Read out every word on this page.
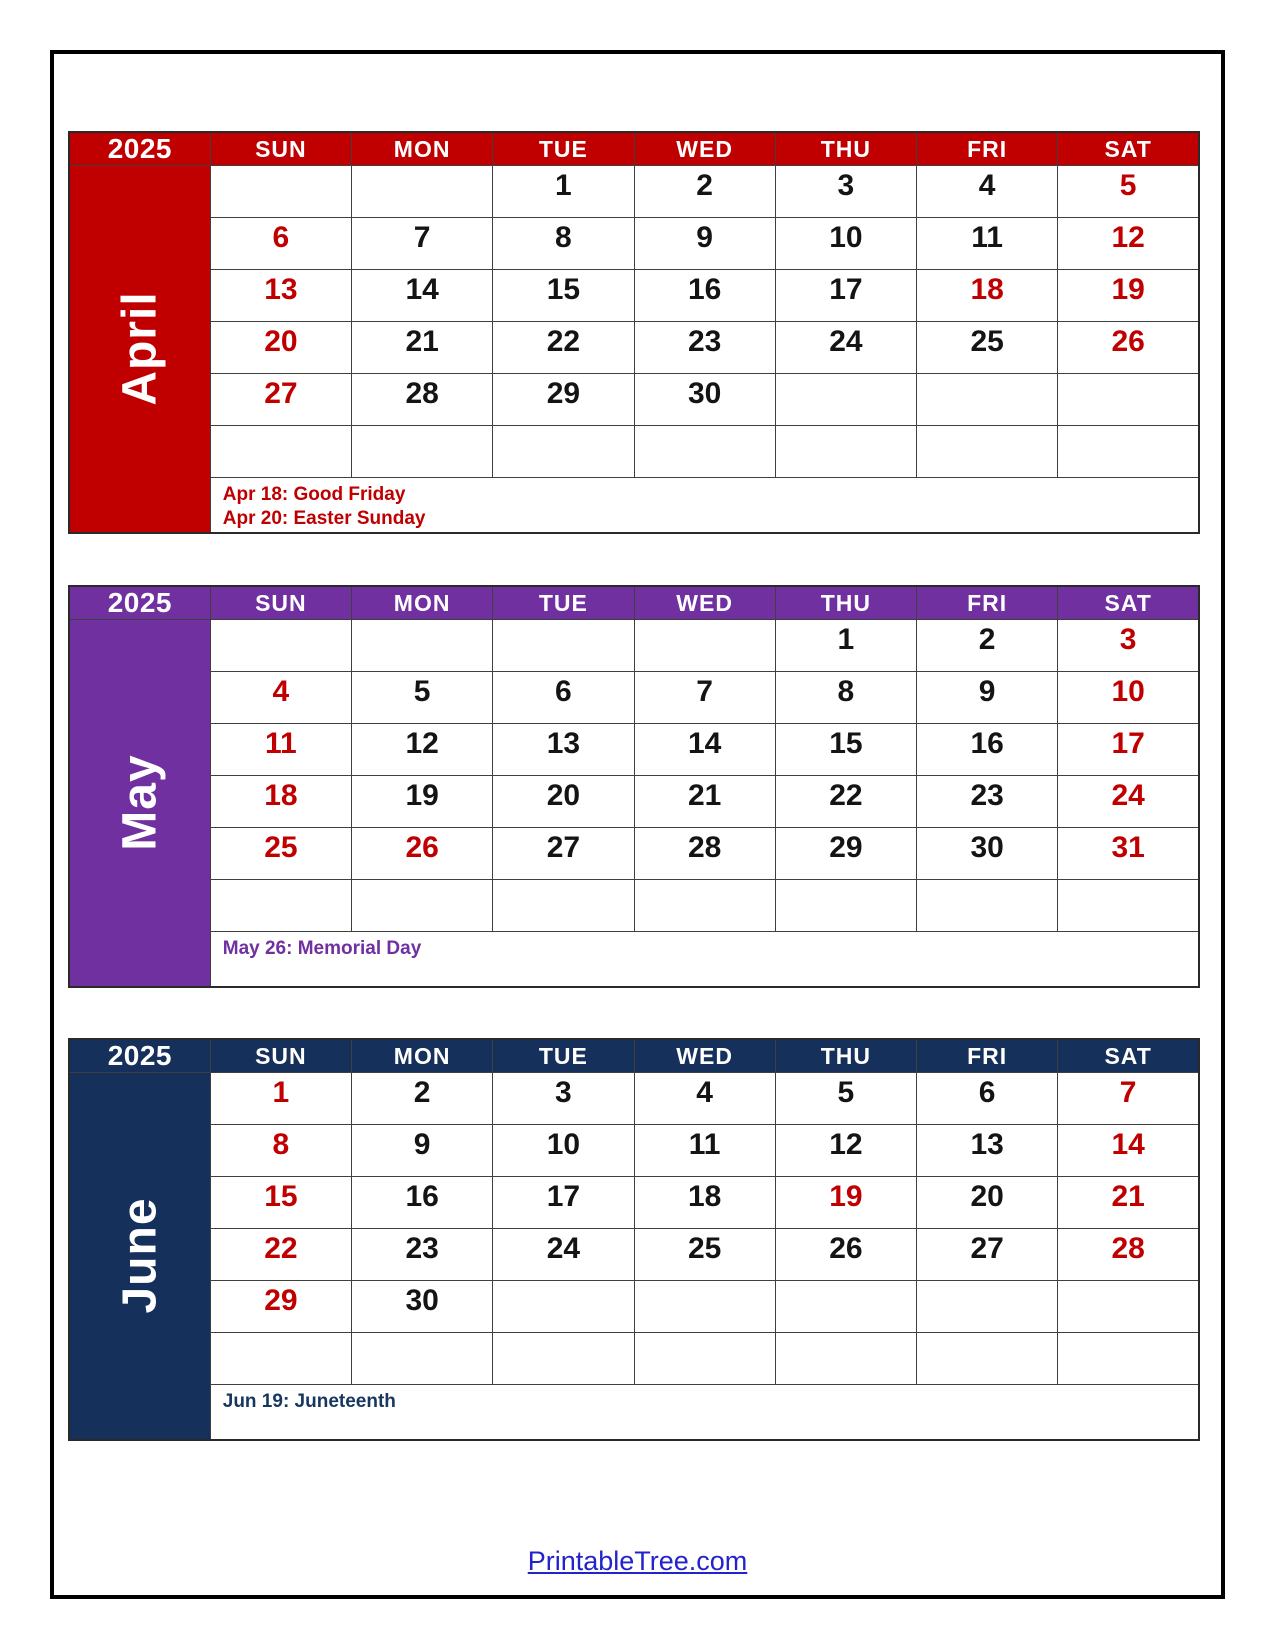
2025	SUN	MON	TUE	WED	THU	FRI	SAT
April			1	2	3	4	5
	6	7	8	9	10	11	12
	13	14	15	16	17	18	19
	20	21	22	23	24	25	26
	27	28	29	30			

	Apr 18: Good Friday
Apr 20: Easter Sunday						
2025	SUN	MON	TUE	WED	THU	FRI	SAT
May					1	2	3
	4	5	6	7	8	9	10
	11	12	13	14	15	16	17
	18	19	20	21	22	23	24
	25	26	27	28	29	30	31

	May 26: Memorial Day						
2025	SUN	MON	TUE	WED	THU	FRI	SAT
June	1	2	3	4	5	6	7
	8	9	10	11	12	13	14
	15	16	17	18	19	20	21
	22	23	24	25	26	27	28
	29	30					

	Jun 19: Juneteenth						
PrintableTree.com
